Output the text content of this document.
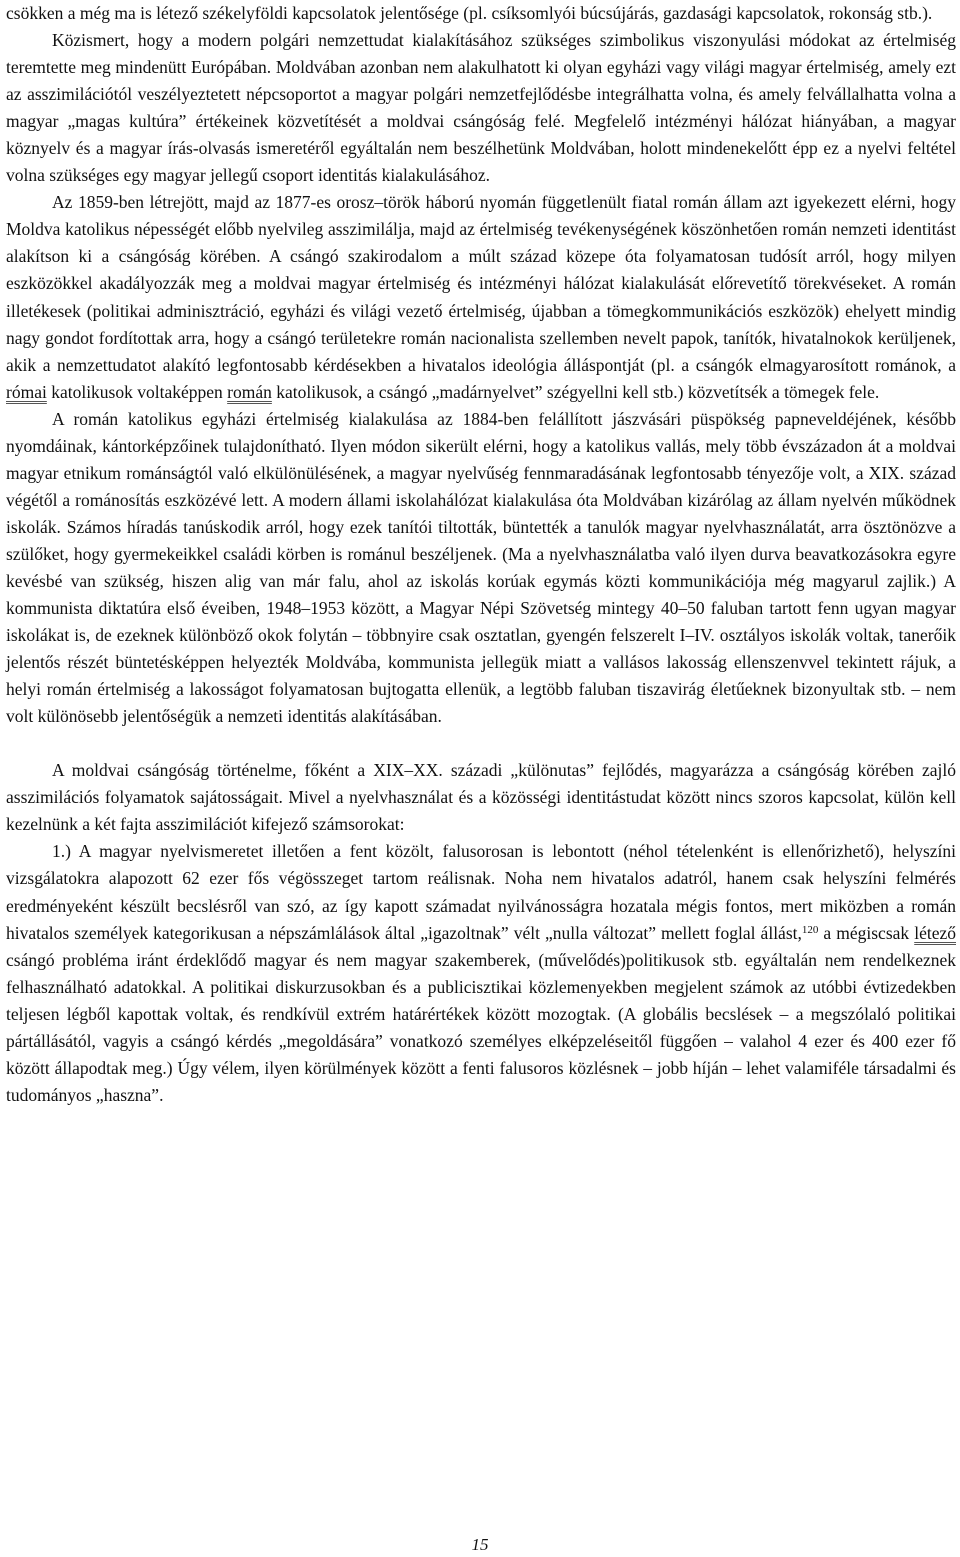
csökken a még ma is létező székelyföldi kapcsolatok jelentősége (pl. csíksomlyói búcsújárás, gazdasági kapcsolatok, rokonság stb.).

Közismert, hogy a modern polgári nemzettudat kialakításához szükséges szimbolikus viszonyulási módokat az értelmiség teremtette meg mindenütt Európában. Moldvában azonban nem alakulhatott ki olyan egyházi vagy világi magyar értelmiség, amely ezt az asszimilációtól veszélyeztetett népcsoportot a magyar polgári nemzetfejlődésbe integrálhatta volna, és amely felvállalhatta volna a magyar „magas kultúra” értékeinek közvetítését a moldvai csángóság felé. Megfelelő intézményi hálózat hiányában, a magyar köznyelv és a magyar írás-olvasás ismeretéről egyáltalán nem beszélhetünk Moldvában, holott mindenekelőtt épp ez a nyelvi feltétel volna szükséges egy magyar jellegű csoport identitás kialakulásához.

Az 1859-ben létrejött, majd az 1877-es orosz–török háború nyomán függetlenült fiatal román állam azt igyekezett elérni, hogy Moldva katolikus népességét előbb nyelvileg asszimilálja, majd az értelmiség tevékenységének köszönhetően román nemzeti identitást alakítson ki a csángóság körében. A csángó szakirodalom a múlt század közepe óta folyamatosan tudósít arról, hogy milyen eszközökkel akadályozzák meg a moldvai magyar értelmiség és intézményi hálózat kialakulását előrevetítő törekvéseket. A román illetékesek (politikai adminisztráció, egyházi és világi vezető értelmiség, újabban a tömegkommunikációs eszközök) ehelyett mindig nagy gondot fordítottak arra, hogy a csángó területekre román nacionalista szellemben nevelt papok, tanítók, hivatalnokok kerüljenek, akik a nemzettudatot alakító legfontosabb kérdésekben a hivatalos ideológia álláspontját (pl. a csángók elmagyarosított románok, a római katolikusok voltaképpen román katolikusok, a csángó „madárnyelvet” szégyellni kell stb.) közvetítsék a tömegek fele.

A román katolikus egyházi értelmiség kialakulása az 1884-ben felállított jászvásári püspökség papneveldéjének, később nyomdáinak, kántorképzőinek tulajdonítható. Ilyen módon sikerült elérni, hogy a katolikus vallás, mely több évszázadon át a moldvai magyar etnikum románságtól való elkülönülésének, a magyar nyelvűség fennmaradásának legfontosabb tényezője volt, a XIX. század végétől a románosítás eszközévé lett. A modern állami iskolahálózat kialakulása óta Moldvában kizárólag az állam nyelvén működnek iskolák. Számos híradás tanúskodik arról, hogy ezek tanítói tiltották, büntették a tanulók magyar nyelvhasználatát, arra ösztönözve a szülőket, hogy gyermekeikkel családi körben is románul beszéljenek. (Ma a nyelvhasználatba való ilyen durva beavatkozásokra egyre kevésbé van szükség, hiszen alig van már falu, ahol az iskolás korúak egymás közti kommunikációja még magyarul zajlik.) A kommunista diktatúra első éveiben, 1948–1953 között, a Magyar Népi Szövetség mintegy 40–50 faluban tartott fenn ugyan magyar iskolákat is, de ezeknek különböző okok folytán – többnyire csak osztatlan, gyengén felszerelt I–IV. osztályos iskolák voltak, tanerőik jelentős részét büntetésképpen helyezték Moldvába, kommunista jellegük miatt a vallásos lakosság ellenszenvvel tekintett rájuk, a helyi román értelmiség a lakosságot folyamatosan bujtogatta ellenük, a legtöbb faluban tiszavirág életűeknek bizonyultak stb. – nem volt különösebb jelentőségük a nemzeti identitás alakításában.

A moldvai csángóság történelme, főként a XIX–XX. századi „különutas” fejlődés, magyarázza a csángóság körében zajló asszimilációs folyamatok sajátosságait. Mivel a nyelvhasználat és a közösségi identitástudat között nincs szoros kapcsolat, külön kell kezelnünk a két fajta asszimilációt kifejező számsorokat:

1.) A magyar nyelvismeretet illetően a fent közölt, falusorosan is lebontott (néhol tételenként is ellenőrizhető), helyszíni vizsgálatokra alapozott 62 ezer fős végösszeget tartom reálisnak. Noha nem hivatalos adatról, hanem csak helyszíni felmérés eredményeként készült becslésről van szó, az így kapott számadat nyilvánosságra hozatala mégis fontos, mert miközben a román hivatalos személyek kategorikusan a népszámlálások által „igazoltnak” vélt „nulla változat” mellett foglal állást,$^{120}$ a mégiscsak létező csángó probléma iránt érdeklődő magyar és nem magyar szakemberek, (művelődés)politikusok stb. egyáltalán nem rendelkeznek felhasználható adatokkal. A politikai diskurzusokban és a publicisztikai közlemenyekben megjelent számok az utóbbi évtizedekben teljesen légből kapottak voltak, és rendkívül extrém határértékek között mozogtak. (A globális becslések – a megszólaló politikai pártállásától, vagyis a csángó kérdés „megoldására” vonatkozó személyes elképzeléseitől függően – valahol 4 ezer és 400 ezer fő között állapodtak meg.) Úgy vélem, ilyen körülmények között a fenti falusoros közlésnek – jobb híján – lehet valamiféle társadalmi és tudományos „haszna”.

15
